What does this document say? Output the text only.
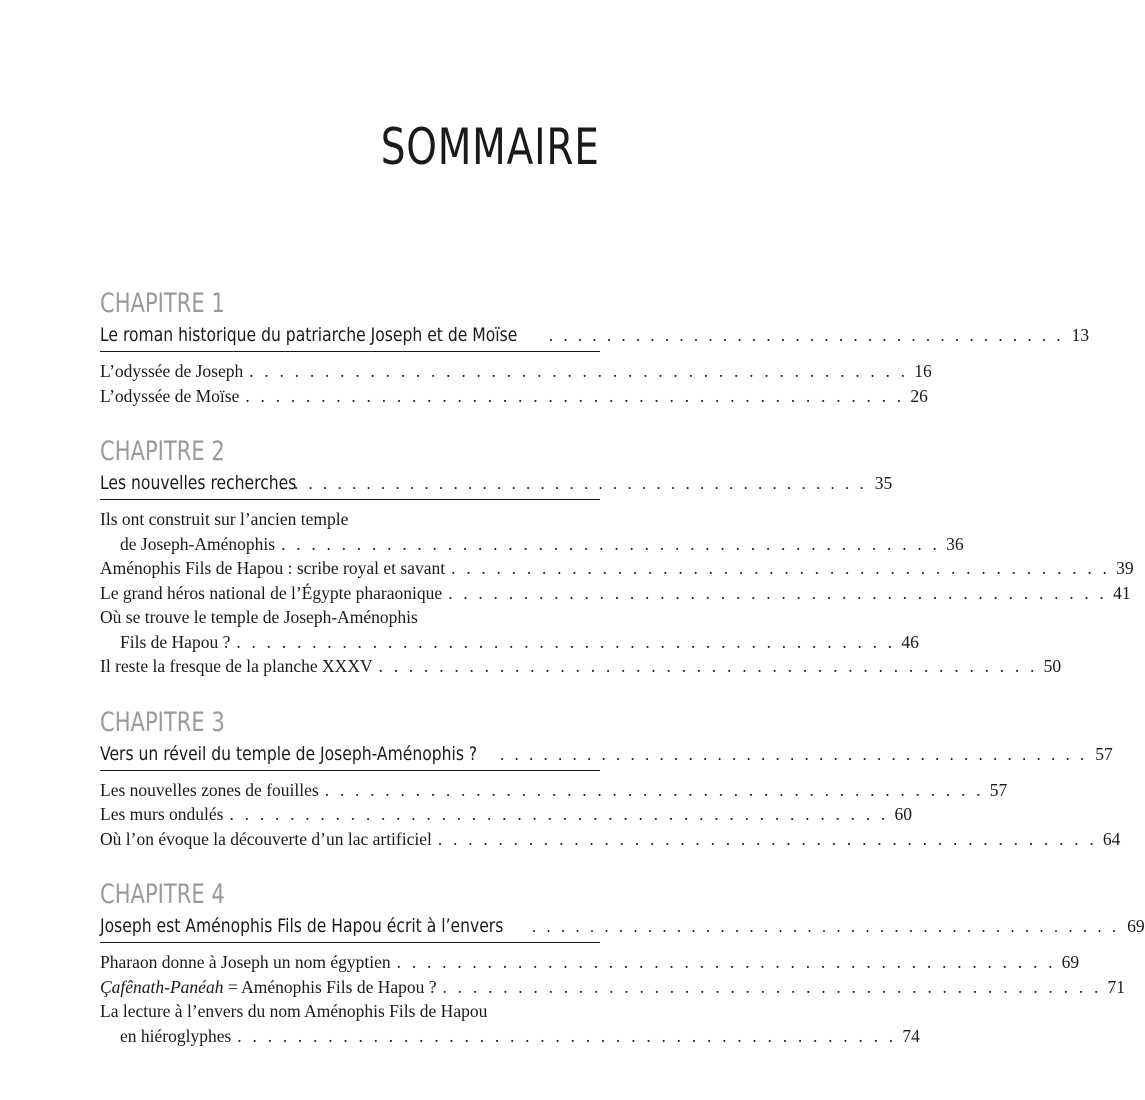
SOMMAIRE
CHAPITRE 1
Le roman historique du patriarche Joseph et de Moïse . . . . . . . . . . . . . . . . . . . . . . . . . . . . . . . . . . . . 13
L’odyssée de Joseph . . . . . . . . . . . . . . . . . . . . . . . . . . . . . . . . . . . . . . . . . . . . 16
L’odyssée de Moïse . . . . . . . . . . . . . . . . . . . . . . . . . . . . . . . . . . . . . . . . . . . . 26
CHAPITRE 2
Les nouvelles recherches
. . . . . . . . . . . . . . . . . . . . . . . . . . . . . . . . . . . . . . . . . 35
Ils ont construit sur l’ancien temple
de Joseph-Aménophis . . . . . . . . . . . . . . . . . . . . . . . . . . . . . . . . . . . . . . . . . . . . 36
Aménophis Fils de Hapou : scribe royal et savant . . . . . . . . . . . . . . . . . . . . . . . . . . . . . . . . . . . . . . . . . . . . 39
Le grand héros national de l’Égypte pharaonique . . . . . . . . . . . . . . . . . . . . . . . . . . . . . . . . . . . . . . . . . . . . 41
Où se trouve le temple de Joseph-Aménophis
Fils de Hapou ? . . . . . . . . . . . . . . . . . . . . . . . . . . . . . . . . . . . . . . . . . . . . 46
Il reste la fresque de la planche XXXV . . . . . . . . . . . . . . . . . . . . . . . . . . . . . . . . . . . . . . . . . . . . 50
CHAPITRE 3
Vers un réveil du temple de Joseph-Aménophis ? . . . . . . . . . . . . . . . . . . . . . . . . . . . . . . . . . . . . . . . . . 57
Les nouvelles zones de fouilles . . . . . . . . . . . . . . . . . . . . . . . . . . . . . . . . . . . . . . . . . . . . 57
Les murs ondulés . . . . . . . . . . . . . . . . . . . . . . . . . . . . . . . . . . . . . . . . . . . . 60
Où l’on évoque la découverte d’un lac artificiel . . . . . . . . . . . . . . . . . . . . . . . . . . . . . . . . . . . . . . . . . . . . 64
CHAPITRE 4
Joseph est Aménophis Fils de Hapou écrit à l’envers . . . . . . . . . . . . . . . . . . . . . . . . . . . . . . . . . . . . . . . . . 69
Pharaon donne à Joseph un nom égyptien . . . . . . . . . . . . . . . . . . . . . . . . . . . . . . . . . . . . . . . . . . . . 69
Çafênath-Panéah = Aménophis Fils de Hapou ? . . . . . . . . . . . . . . . . . . . . . . . . . . . . . . . . . . . . . . . . . . . . 71
La lecture à l’envers du nom Aménophis Fils de Hapou
en hiéroglyphes . . . . . . . . . . . . . . . . . . . . . . . . . . . . . . . . . . . . . . . . . . . . 74
